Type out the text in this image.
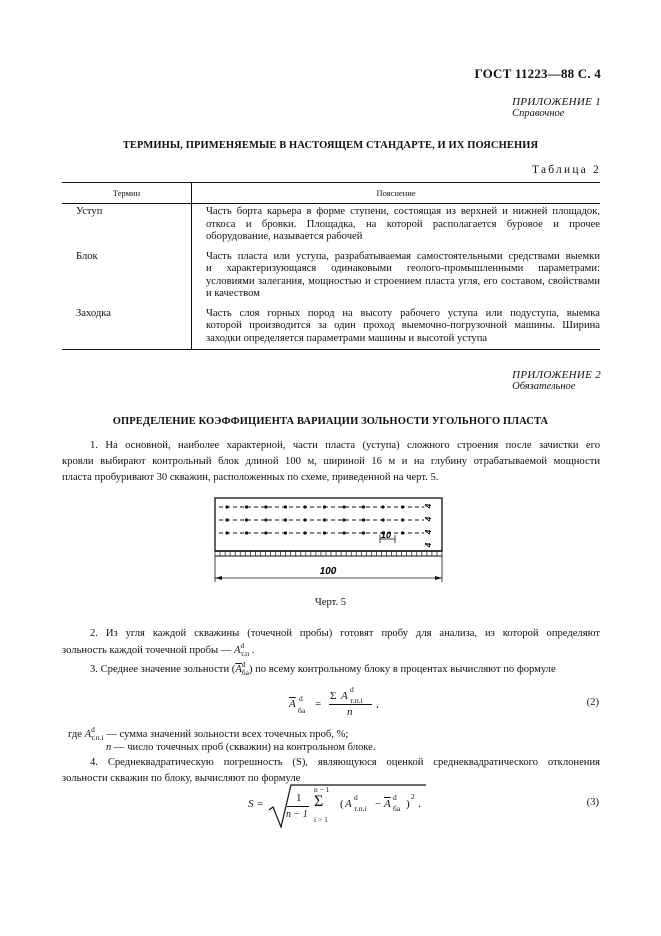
ГОСТ 11223—88 С. 4
ПРИЛОЖЕНИЕ 1
Справочное
ТЕРМИНЫ, ПРИМЕНЯЕМЫЕ В НАСТОЯЩЕМ СТАНДАРТЕ, И ИХ ПОЯСНЕНИЯ
Таблица 2
Термин	Пояснение
Уступ	Часть борта карьера в форме ступени, состоящая из верхней и нижней площадок,
откоса и бровки. Площадка, на которой располагается буровое и прочее
оборудование, называется рабочей

Блок	Часть пласта или уступа, разрабатываемая самостоятельными средствами выемки
и характеризующаяся одинаковыми геолого-промышленными параметрами:
условиями залегания, мощностью и строением пласта угля, его составом, свойствами
и качеством

Заходка	Часть слоя горных пород на высоту рабочего уступа или подуступа, выемка
которой производится за один проход выемочно-погрузочной машины. Ширина
заходки определяется параметрами машины и высотой уступа
ПРИЛОЖЕНИЕ 2
Обязательное
ОПРЕДЕЛЕНИЕ КОЭФФИЦИЕНТА ВАРИАЦИИ ЗОЛЬНОСТИ УГОЛЬНОГО ПЛАСТА
1. На основной, наиболее характерной, части пласта (уступа) сложного строения после зачистки его
кровли выбирают контрольный блок длиной 100 м, шириной 16 м и на глубину отрабатываемой мощности
пласта пробуривают 30 скважин, расположенных по схеме, приведенной на черт. 5.
10
4
4
4
4
100
Черт. 5
2. Из угля каждой скважины (точечной пробы) готовят пробу для анализа, из которой определяют
зольность каждой точечной пробы — A d
т.п .
3. Среднее значение зольности ($\overline{A}$ d
ба ) по всему контрольному блоку в процентах вычисляют по формуле
$\overline{A}$ d
ба
=
Σ A
d
т.п.i
n
,	(2)
где A d
т.п.i — сумма значений зольности всех точечных проб, %;
n — число точечных проб (скважин) на контрольном блоке.
4. Среднеквадратическую погрешность (S), являющуюся оценкой среднеквадратического отклонения
зольности скважин по блоку, вычисляют по формуле
S =	1
n − 1
n − 1
Σ
i > 1
( A
d
$т.п.i - \overline{A}$
d
ба )
2
.	(3)
